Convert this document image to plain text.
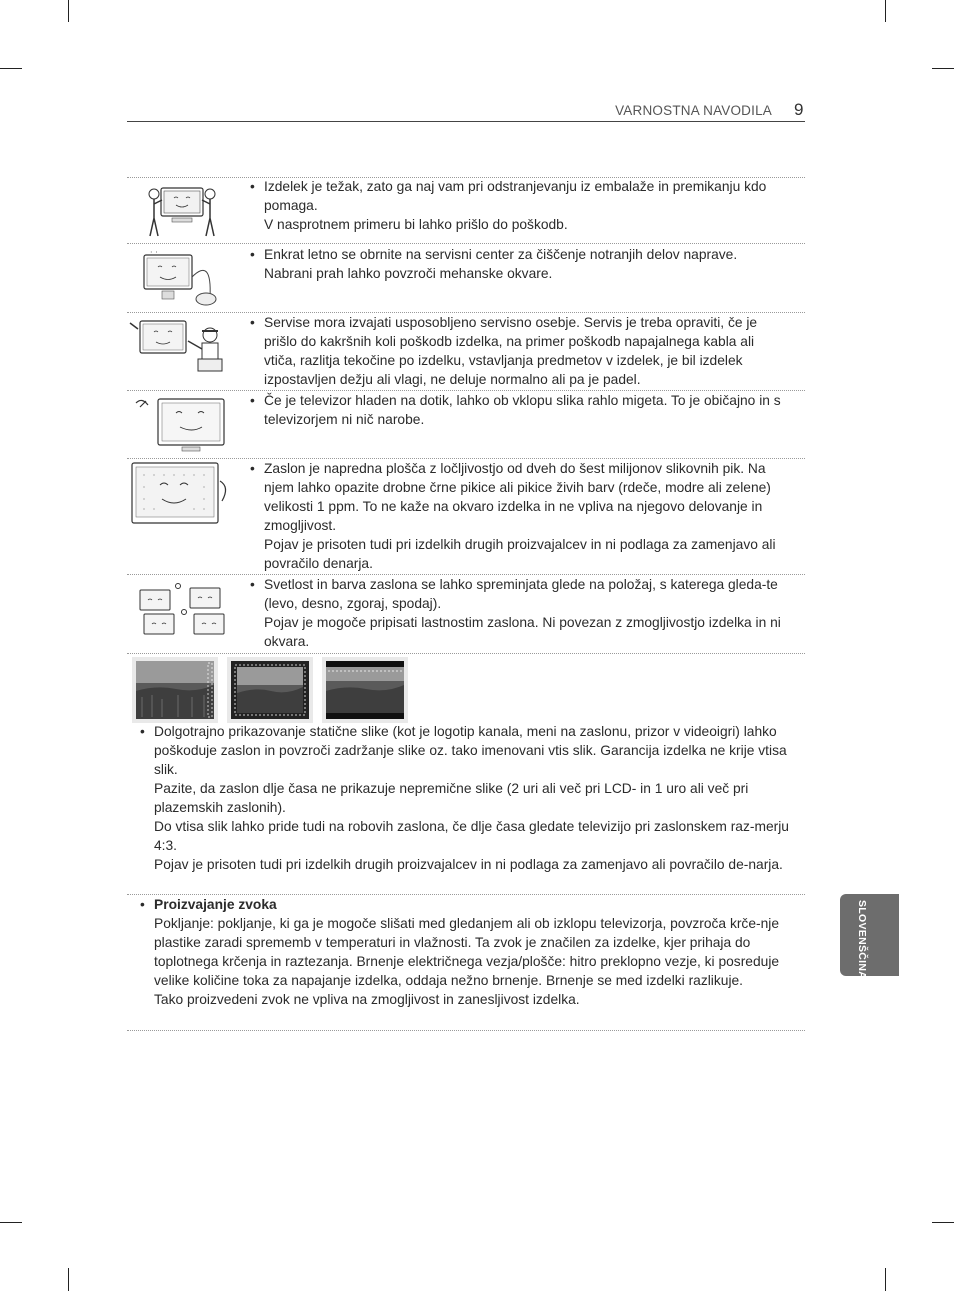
VARNOSTNA NAVODILA 9
· ·
• Izdelek je težak, zato ga naj vam pri odstranjevanju iz embalaže in premikanju kdo pomaga.

V nasprotnem primeru bi lahko prišlo do poškodb.

• Enkrat letno se obrnite na servisni center za čiščenje notranjih delov naprave.

Nabrani prah lahko povzroči mehanske okvare.

• Servise mora izvajati usposobljeno servisno osebje. Servis je treba opraviti, če je prišlo do kakršnih koli poškodb izdelka, na primer poškodb napajalnega kabla ali vtiča, razlitja tekočine po izdelku, vstavljanja predmetov v izdelek, je bil izdelek izpostavljen dežju ali vlagi, ne deluje normalno ali pa je padel.

• Če je televizor hladen na dotik, lahko ob vklopu slika rahlo migeta. To je običajno in s televizorjem ni nič narobe.

• Zaslon je napredna plošča z ločljivostjo od dveh do šest milijonov slikovnih pik. Na njem lahko opazite drobne črne pikice ali pikice živih barv (rdeče, modre ali zelene) velikosti 1 ppm. To ne kaže na okvaro izdelka in ne vpliva na njegovo delovanje in zmogljivost.

Pojav je prisoten tudi pri izdelkih drugih proizvajalcev in ni podlaga za zamenjavo ali povračilo denarja.

• Svetlost in barva zaslona se lahko spreminjata glede na položaj, s katerega gleda-te (levo, desno, zgoraj, spodaj).

Pojav je mogoče pripisati lastnostim zaslona. Ni povezan z zmogljivostjo izdelka in ni okvara.

• Dolgotrajno prikazovanje statične slike (kot je logotip kanala, meni na zaslonu, prizor v videoigri) lahko poškoduje zaslon in povzroči zadržanje slike oz. tako imenovani vtis slik. Garancija izdelka ne krije vtisa slik.

Pazite, da zaslon dlje časa ne prikazuje nepremične slike (2 uri ali več pri LCD- in 1 uro ali več pri plazemskih zaslonih).

Do vtisa slik lahko pride tudi na robovih zaslona, če dlje časa gledate televizijo pri zaslonskem raz-merju 4:3.

Pojav je prisoten tudi pri izdelkih drugih proizvajalcev in ni podlaga za zamenjavo ali povračilo de-narja.

• Proizvajanje zvoka

Pokljanje: pokljanje, ki ga je mogoče slišati med gledanjem ali ob izklopu televizorja, povzroča krče-nje plastike zaradi sprememb v temperaturi in vlažnosti. Ta zvok je značilen za izdelke, kjer prihaja do toplotnega krčenja in raztezanja. Brnenje električnega vezja/plošče: hitro preklopno vezje, ki posreduje velike količine toka za napajanje izdelka, oddaja nežno brnenje. Brnenje se med izdelki razlikuje.

Tako proizvedeni zvok ne vpliva na zmogljivost in zanesljivost izdelka.

SLOVENŠČINA
